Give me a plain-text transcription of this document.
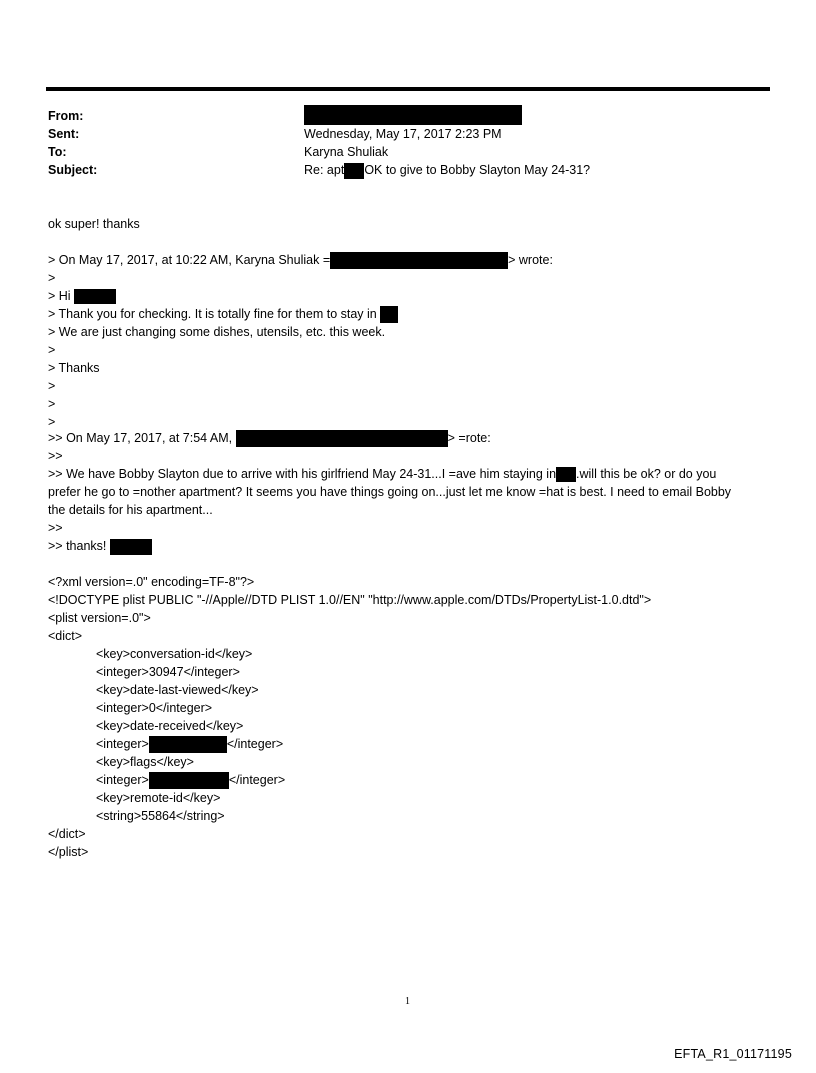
From:
Sent:	Wednesday, May 17, 2017 2:23 PM
To:	Karyna Shuliak
Subject:	Re: apt OK to give to Bobby Slayton May 24-31?
ok super! thanks
> On May 17, 2017, at 10:22 AM, Karyna Shuliak =	> wrote:
>
> Hi
> Thank you for checking. It is totally fine for them to stay in
> We are just changing some dishes, utensils, etc. this week.
>
> Thanks
>
>
>
>> On May 17, 2017, at 7:54 AM,	> =rote:
>>
>> We have Bobby Slayton due to arrive with his girlfriend May 24-31...I =ave him staying in .will this be ok? or do you prefer he go to =nother apartment? It seems you have things going on...just let me know =hat is best. I need to email Bobby the details for his apartment...
>>
>> thanks!
<?xml version=.0" encoding=TF-8"?>
<!DOCTYPE plist PUBLIC "-//Apple//DTD PLIST 1.0//EN" "http://www.apple.com/DTDs/PropertyList-1.0.dtd">
<plist version=.0">
<dict>
<key>conversation-id</key>
<integer>30947</integer>
<key>date-last-viewed</key>
<integer>0</integer>
<key>date-received</key>
<integer>	</integer>
<key>flags</key>
<integer>	</integer>
<key>remote-id</key>
<string>55864</string>
</dict>
</plist>
1
EFTA_R1_01171195
